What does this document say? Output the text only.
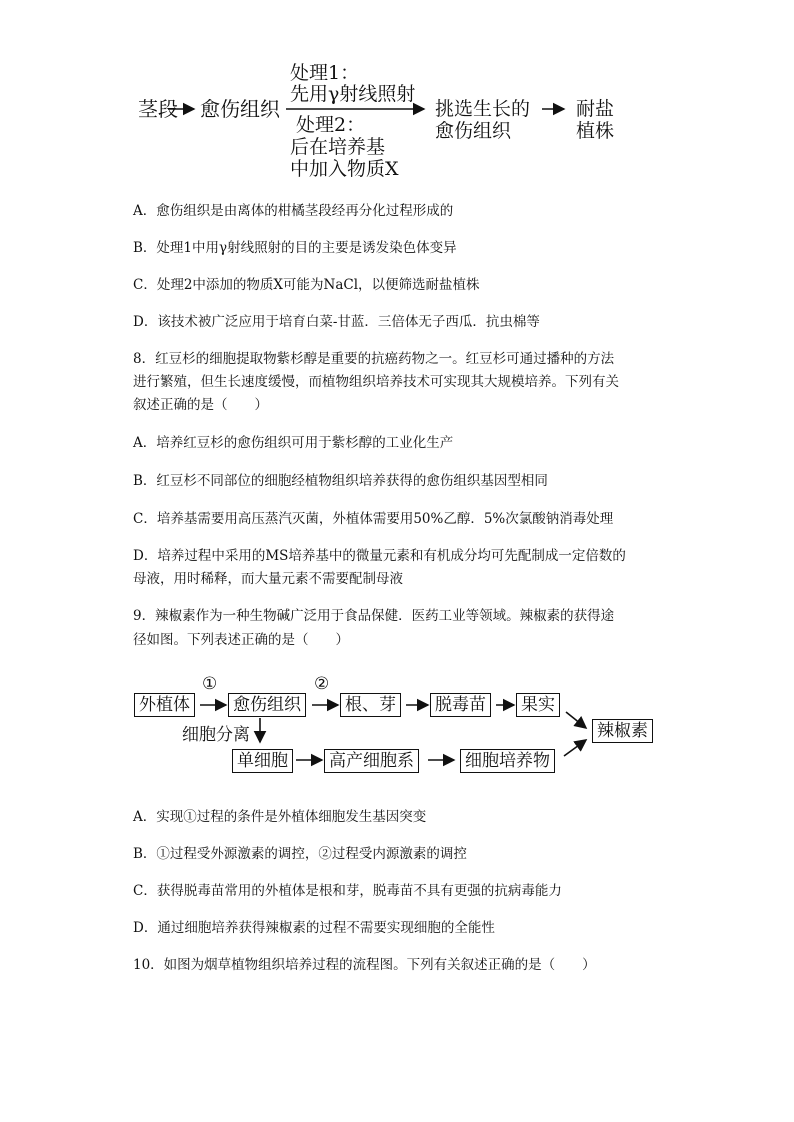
茎段 愈伤组织
处理1：
先用γ射线照射
处理2：
后在培养基
中加入物质X
挑选生长的
愈伤组织
耐盐
植株
A．愈伤组织是由离体的柑橘茎段经再分化过程形成的
B．处理1中用γ射线照射的目的主要是诱发染色体变异
C．处理2中添加的物质X可能为NaCl，以便筛选耐盐植株
D．该技术被广泛应用于培育白菜-甘蓝．三倍体无子西瓜．抗虫棉等
8．红豆杉的细胞提取物紫杉醇是重要的抗癌药物之一。红豆杉可通过播种的方法
进行繁殖，但生长速度缓慢，而植物组织培养技术可实现其大规模培养。下列有关
叙述正确的是（　　）
A．培养红豆杉的愈伤组织可用于紫杉醇的工业化生产
B．红豆杉不同部位的细胞经植物组织培养获得的愈伤组织基因型相同
C．培养基需要用高压蒸汽灭菌，外植体需要用50%乙醇．5%次氯酸钠消毒处理
D．培养过程中采用的MS培养基中的微量元素和有机成分均可先配制成一定倍数的
母液，用时稀释，而大量元素不需要配制母液
9．辣椒素作为一种生物碱广泛用于食品保健．医药工业等领域。辣椒素的获得途
径如图。下列表述正确的是（　　）
外植体
①
愈伤组织
②
根、芽 脱毒苗 果实
辣椒素
细胞分离
单细胞 高产细胞系	细胞培养物
A．实现①过程的条件是外植体细胞发生基因突变
B．①过程受外源激素的调控，②过程受内源激素的调控
C．获得脱毒苗常用的外植体是根和芽，脱毒苗不具有更强的抗病毒能力
D．通过细胞培养获得辣椒素的过程不需要实现细胞的全能性
10．如图为烟草植物组织培养过程的流程图。下列有关叙述正确的是（　　）
